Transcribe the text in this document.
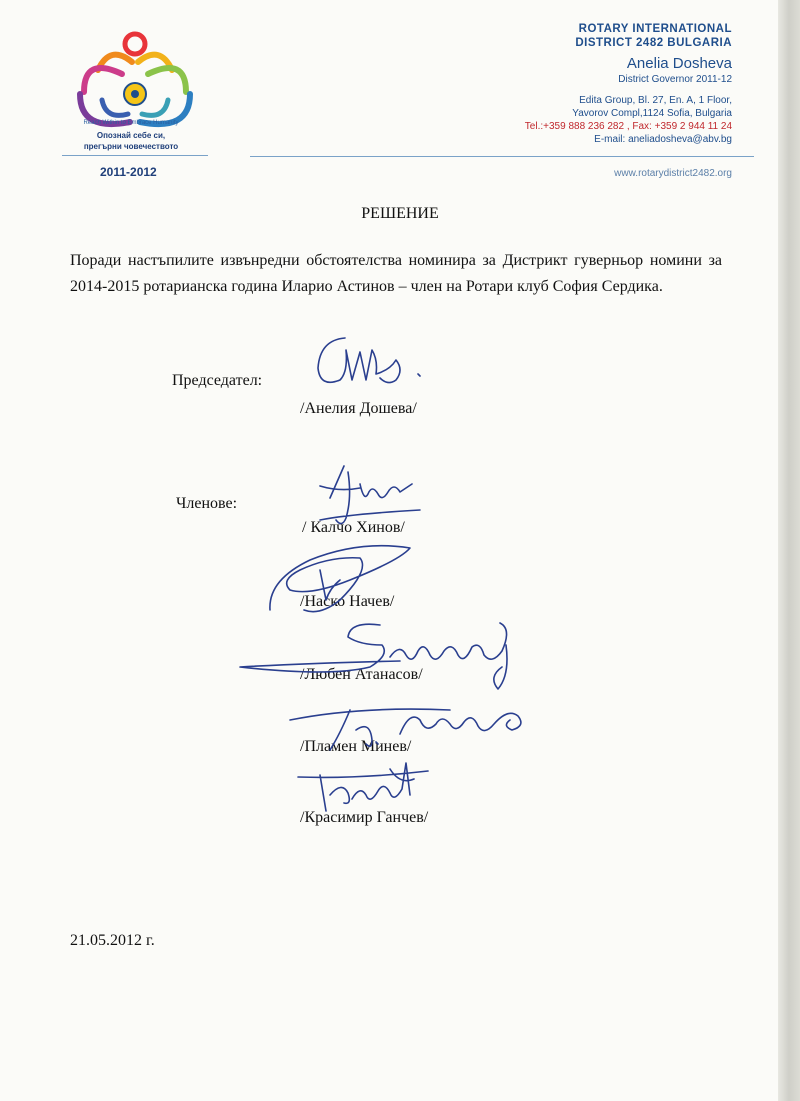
Reach Within to Embrace Humanity
Опознай себе си,
прегърни човечеството
2011-2012
ROTARY INTERNATIONAL
DISTRICT 2482 BULGARIA
Anelia Dosheva
District Governor 2011-12
Edita Group, Bl. 27, En. A, 1 Floor,
Yavorov Compl,1124 Sofia, Bulgaria
Tel.:+359 888 236 282 , Fax: +359 2 944 11 24
E-mail: aneliadosheva@abv.bg
www.rotarydistrict2482.org
РЕШЕНИЕ
Поради настъпилите извънредни обстоятелства номинира за Дистрикт гуверньор номини за 2014-2015 ротарианска година Иларио Астинов – член на Ротари клуб София Сердика.
Председател:
/Анелия Дошева/
Членове:
/ Калчо Хинов/
/Наско Начев/
/Любен Атанасов/
/Пламен Минев/
/Красимир Ганчев/
21.05.2012 г.
